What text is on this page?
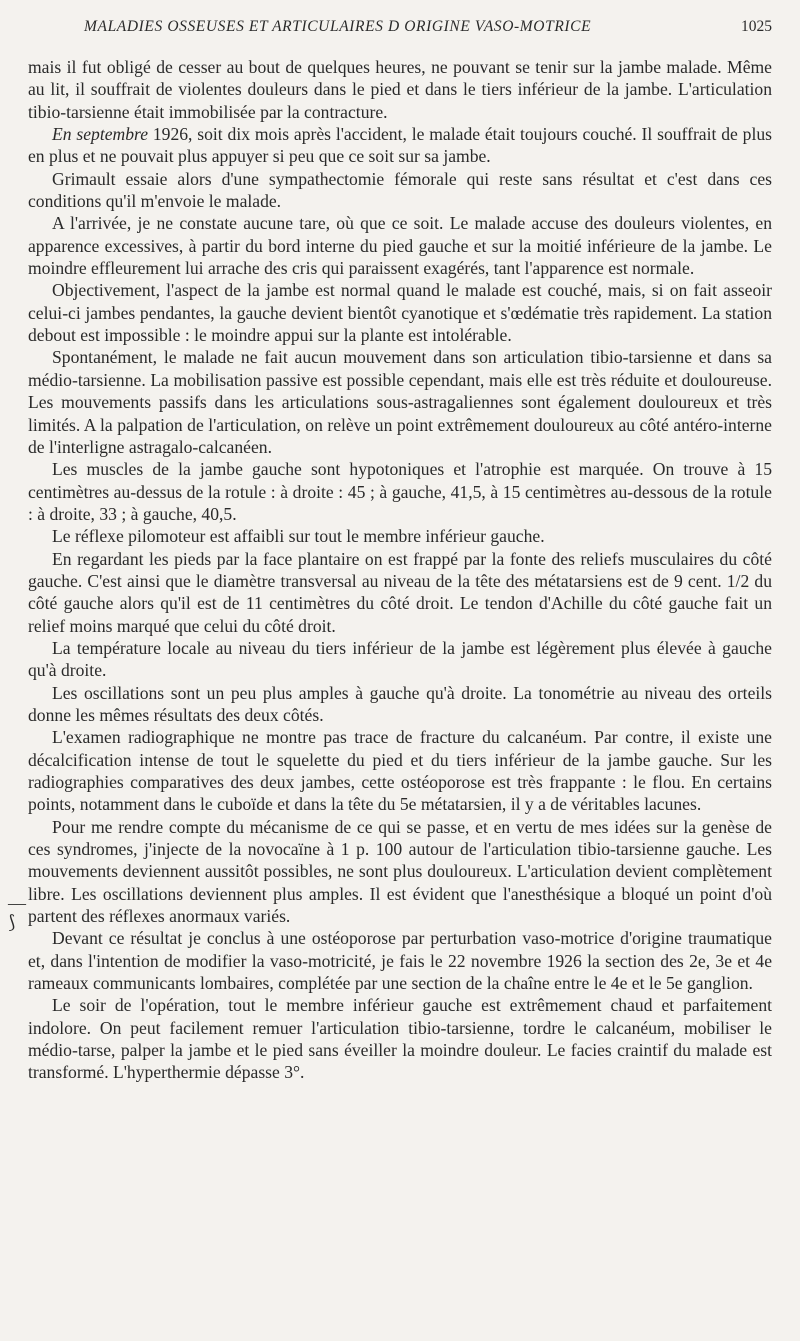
MALADIES OSSEUSES ET ARTICULAIRES D ORIGINE VASO-MOTRICE	1025

mais il fut obligé de cesser au bout de quelques heures, ne pouvant se tenir sur la jambe malade. Même au lit, il souffrait de violentes douleurs dans le pied et dans le tiers inférieur de la jambe. L'articulation tibio-tarsienne était immobilisée par la contracture.

En septembre 1926, soit dix mois après l'accident, le malade était toujours couché. Il souffrait de plus en plus et ne pouvait plus appuyer si peu que ce soit sur sa jambe.

Grimault essaie alors d'une sympathectomie fémorale qui reste sans résultat et c'est dans ces conditions qu'il m'envoie le malade.

A l'arrivée, je ne constate aucune tare, où que ce soit. Le malade accuse des douleurs violentes, en apparence excessives, à partir du bord interne du pied gauche et sur la moitié inférieure de la jambe. Le moindre effleurement lui arrache des cris qui paraissent exagérés, tant l'apparence est normale.

Objectivement, l'aspect de la jambe est normal quand le malade est couché, mais, si on fait asseoir celui-ci jambes pendantes, la gauche devient bientôt cyanotique et s'œdématie très rapidement. La station debout est impossible : le moindre appui sur la plante est intolérable.

Spontanément, le malade ne fait aucun mouvement dans son articulation tibio-tarsienne et dans sa médio-tarsienne. La mobilisation passive est possible cependant, mais elle est très réduite et douloureuse. Les mouvements passifs dans les articulations sous-astragaliennes sont également douloureux et très limités. A la palpation de l'articulation, on relève un point extrêmement douloureux au côté antéro-interne de l'interligne astragalo-calcanéen.

Les muscles de la jambe gauche sont hypotoniques et l'atrophie est marquée. On trouve à 15 centimètres au-dessus de la rotule : à droite : 45 ; à gauche, 41,5, à 15 centimètres au-dessous de la rotule : à droite, 33 ; à gauche, 40,5.

Le réflexe pilomoteur est affaibli sur tout le membre inférieur gauche.

En regardant les pieds par la face plantaire on est frappé par la fonte des reliefs musculaires du côté gauche. C'est ainsi que le diamètre transversal au niveau de la tête des métatarsiens est de 9 cent. 1/2 du côté gauche alors qu'il est de 11 centimètres du côté droit. Le tendon d'Achille du côté gauche fait un relief moins marqué que celui du côté droit.

La température locale au niveau du tiers inférieur de la jambe est légèrement plus élevée à gauche qu'à droite.

Les oscillations sont un peu plus amples à gauche qu'à droite. La tonométrie au niveau des orteils donne les mêmes résultats des deux côtés.

L'examen radiographique ne montre pas trace de fracture du calcanéum. Par contre, il existe une décalcification intense de tout le squelette du pied et du tiers inférieur de la jambe gauche. Sur les radiographies comparatives des deux jambes, cette ostéoporose est très frappante : le flou. En certains points, notamment dans le cuboïde et dans la tête du 5e métatarsien, il y a de véritables lacunes.

Pour me rendre compte du mécanisme de ce qui se passe, et en vertu de mes idées sur la genèse de ces syndromes, j'injecte de la novocaïne à 1 p. 100 autour de l'articulation tibio-tarsienne gauche. Les mouvements deviennent aussitôt possibles, ne sont plus douloureux. L'articulation devient complètement libre. Les oscillations deviennent plus amples. Il est évident que l'anesthésique a bloqué un point d'où partent des réflexes anormaux variés.

Devant ce résultat je conclus à une ostéoporose par perturbation vaso-motrice d'origine traumatique et, dans l'intention de modifier la vaso-motricité, je fais le 22 novembre 1926 la section des 2e, 3e et 4e rameaux communicants lombaires, complétée par une section de la chaîne entre le 4e et le 5e ganglion.

Le soir de l'opération, tout le membre inférieur gauche est extrêmement chaud et parfaitement indolore. On peut facilement remuer l'articulation tibio-tarsienne, tordre le calcanéum, mobiliser le médio-tarse, palper la jambe et le pied sans éveiller la moindre douleur. Le facies craintif du malade est transformé. L'hyperthermie dépasse 3°.

—
⟆
